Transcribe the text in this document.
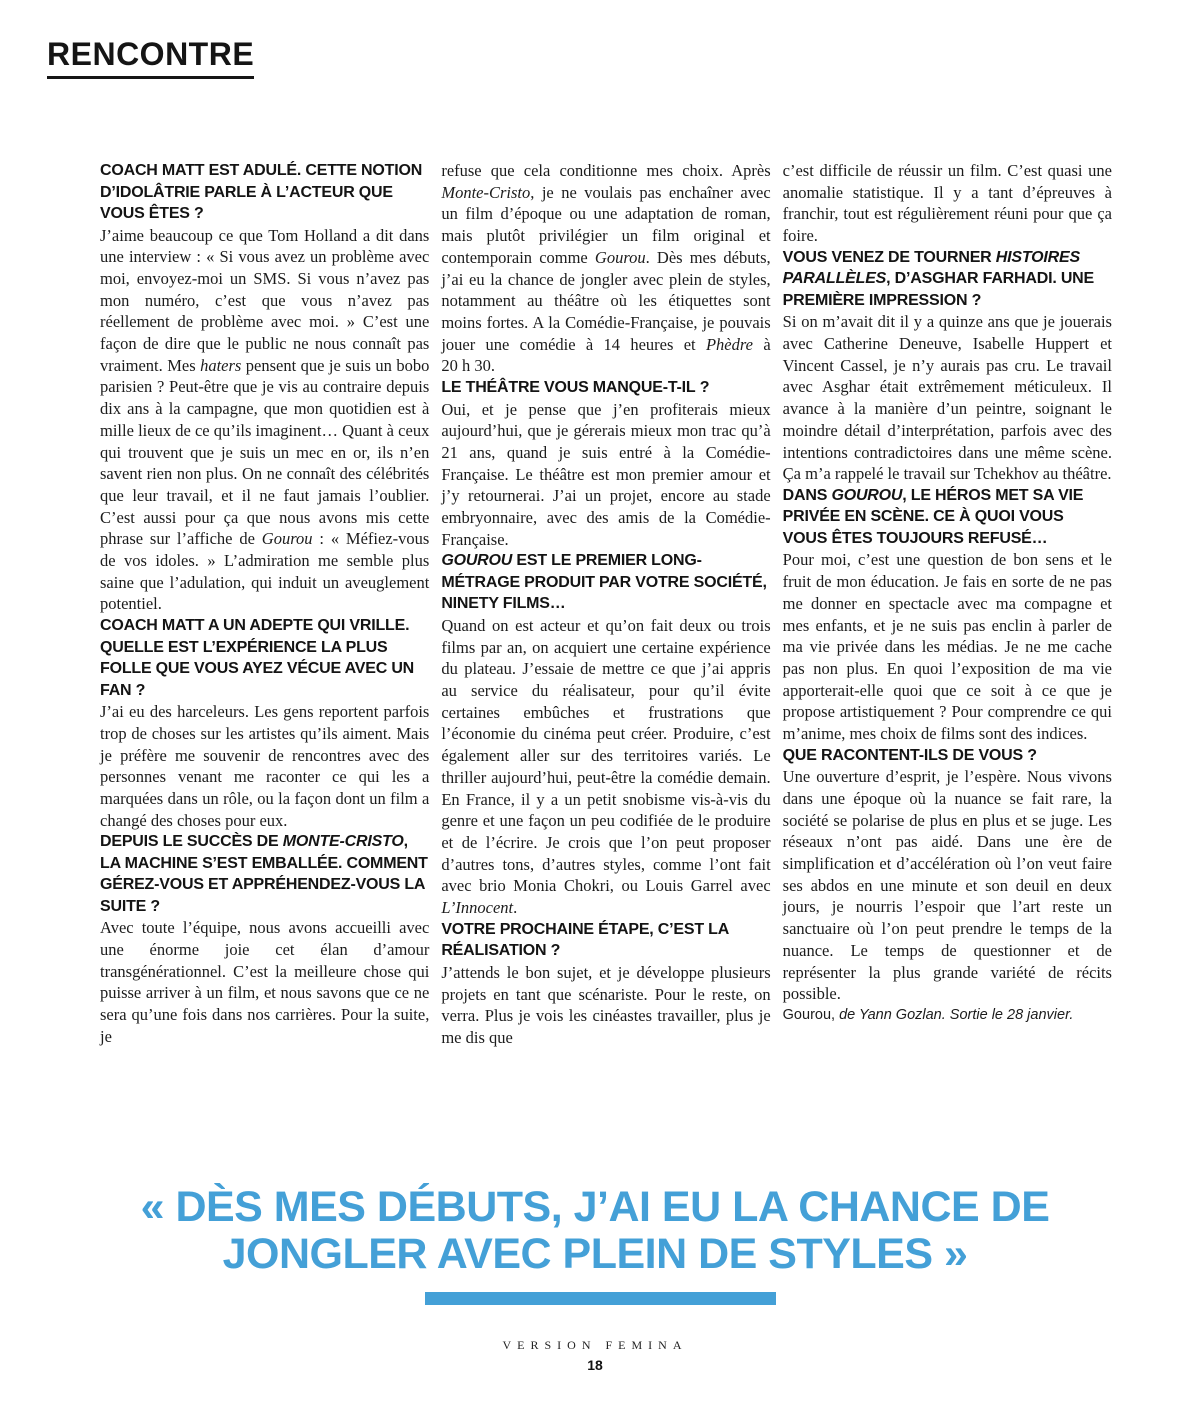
RENCONTRE

COACH MATT EST ADULÉ. CETTE NOTION D’IDOLÂTRIE PARLE À L’ACTEUR QUE VOUS ÊTES ?

J’aime beaucoup ce que Tom Holland a dit dans une interview : « Si vous avez un problème avec moi, envoyez-moi un SMS. Si vous n’avez pas mon numéro, c’est que vous n’avez pas réellement de problème avec moi. » C’est une façon de dire que le public ne nous connaît pas vraiment. Mes haters pensent que je suis un bobo parisien ? Peut-être que je vis au contraire depuis dix ans à la campagne, que mon quotidien est à mille lieux de ce qu’ils imaginent… Quant à ceux qui trouvent que je suis un mec en or, ils n’en savent rien non plus. On ne connaît des célébrités que leur travail, et il ne faut jamais l’oublier. C’est aussi pour ça que nous avons mis cette phrase sur l’affiche de Gourou : « Méfiez-vous de vos idoles. » L’admiration me semble plus saine que l’adulation, qui induit un aveuglement potentiel.

COACH MATT A UN ADEPTE QUI VRILLE. QUELLE EST L’EXPÉRIENCE LA PLUS FOLLE QUE VOUS AYEZ VÉCUE AVEC UN FAN ?

J’ai eu des harceleurs. Les gens reportent parfois trop de choses sur les artistes qu’ils aiment. Mais je préfère me souvenir de rencontres avec des personnes venant me raconter ce qui les a marquées dans un rôle, ou la façon dont un film a changé des choses pour eux.

DEPUIS LE SUCCÈS DE MONTE-CRISTO, LA MACHINE S’EST EMBALLÉE. COMMENT GÉREZ-VOUS ET APPRÉHENDEZ-VOUS LA SUITE ?

Avec toute l’équipe, nous avons accueilli avec une énorme joie cet élan d’amour transgénérationnel. C’est la meilleure chose qui puisse arriver à un film, et nous savons que ce ne sera qu’une fois dans nos carrières. Pour la suite, je

refuse que cela conditionne mes choix. Après Monte-Cristo, je ne voulais pas enchaîner avec un film d’époque ou une adaptation de roman, mais plutôt privilégier un film original et contemporain comme Gourou. Dès mes débuts, j’ai eu la chance de jongler avec plein de styles, notamment au théâtre où les étiquettes sont moins fortes. A la Comédie-Française, je pouvais jouer une comédie à 14 heures et Phèdre à 20 h 30.

LE THÉÂTRE VOUS MANQUE-T-IL ?

Oui, et je pense que j’en profiterais mieux aujourd’hui, que je gérerais mieux mon trac qu’à 21 ans, quand je suis entré à la Comédie-Française. Le théâtre est mon premier amour et j’y retournerai. J’ai un projet, encore au stade embryonnaire, avec des amis de la Comédie-Française.

GOUROU EST LE PREMIER LONG-MÉTRAGE PRODUIT PAR VOTRE SOCIÉTÉ, NINETY FILMS…

Quand on est acteur et qu’on fait deux ou trois films par an, on acquiert une certaine expérience du plateau. J’essaie de mettre ce que j’ai appris au service du réalisateur, pour qu’il évite certaines embûches et frustrations que l’économie du cinéma peut créer. Produire, c’est également aller sur des territoires variés. Le thriller aujourd’hui, peut-être la comédie demain. En France, il y a un petit snobisme vis-à-vis du genre et une façon un peu codifiée de le produire et de l’écrire. Je crois que l’on peut proposer d’autres tons, d’autres styles, comme l’ont fait avec brio Monia Chokri, ou Louis Garrel avec L’Innocent.

VOTRE PROCHAINE ÉTAPE, C’EST LA RÉALISATION ?

J’attends le bon sujet, et je développe plusieurs projets en tant que scénariste. Pour le reste, on verra. Plus je vois les cinéastes travailler, plus je me dis que

c’est difficile de réussir un film. C’est quasi une anomalie statistique. Il y a tant d’épreuves à franchir, tout est régulièrement réuni pour que ça foire.

VOUS VENEZ DE TOURNER HISTOIRES PARALLÈLES, D’ASGHAR FARHADI. UNE PREMIÈRE IMPRESSION ?

Si on m’avait dit il y a quinze ans que je jouerais avec Catherine Deneuve, Isabelle Huppert et Vincent Cassel, je n’y aurais pas cru. Le travail avec Asghar était extrêmement méticuleux. Il avance à la manière d’un peintre, soignant le moindre détail d’interprétation, parfois avec des intentions contradictoires dans une même scène. Ça m’a rappelé le travail sur Tchekhov au théâtre.

DANS GOUROU, LE HÉROS MET SA VIE PRIVÉE EN SCÈNE. CE À QUOI VOUS VOUS ÊTES TOUJOURS REFUSÉ…

Pour moi, c’est une question de bon sens et le fruit de mon éducation. Je fais en sorte de ne pas me donner en spectacle avec ma compagne et mes enfants, et je ne suis pas enclin à parler de ma vie privée dans les médias. Je ne me cache pas non plus. En quoi l’exposition de ma vie apporterait-elle quoi que ce soit à ce que je propose artistiquement ? Pour comprendre ce qui m’anime, mes choix de films sont des indices.

QUE RACONTENT-ILS DE VOUS ?

Une ouverture d’esprit, je l’espère. Nous vivons dans une époque où la nuance se fait rare, la société se polarise de plus en plus et se juge. Les réseaux n’ont pas aidé. Dans une ère de simplification et d’accélération où l’on veut faire ses abdos en une minute et son deuil en deux jours, je nourris l’espoir que l’art reste un sanctuaire où l’on peut prendre le temps de la nuance. Le temps de questionner et de représenter la plus grande variété de récits possible.

Gourou, de Yann Gozlan. Sortie le 28 janvier.

« DÈS MES DÉBUTS, J’AI EU LA CHANCE DE
JONGLER AVEC PLEIN DE STYLES »
VERSION FEMINA
18
